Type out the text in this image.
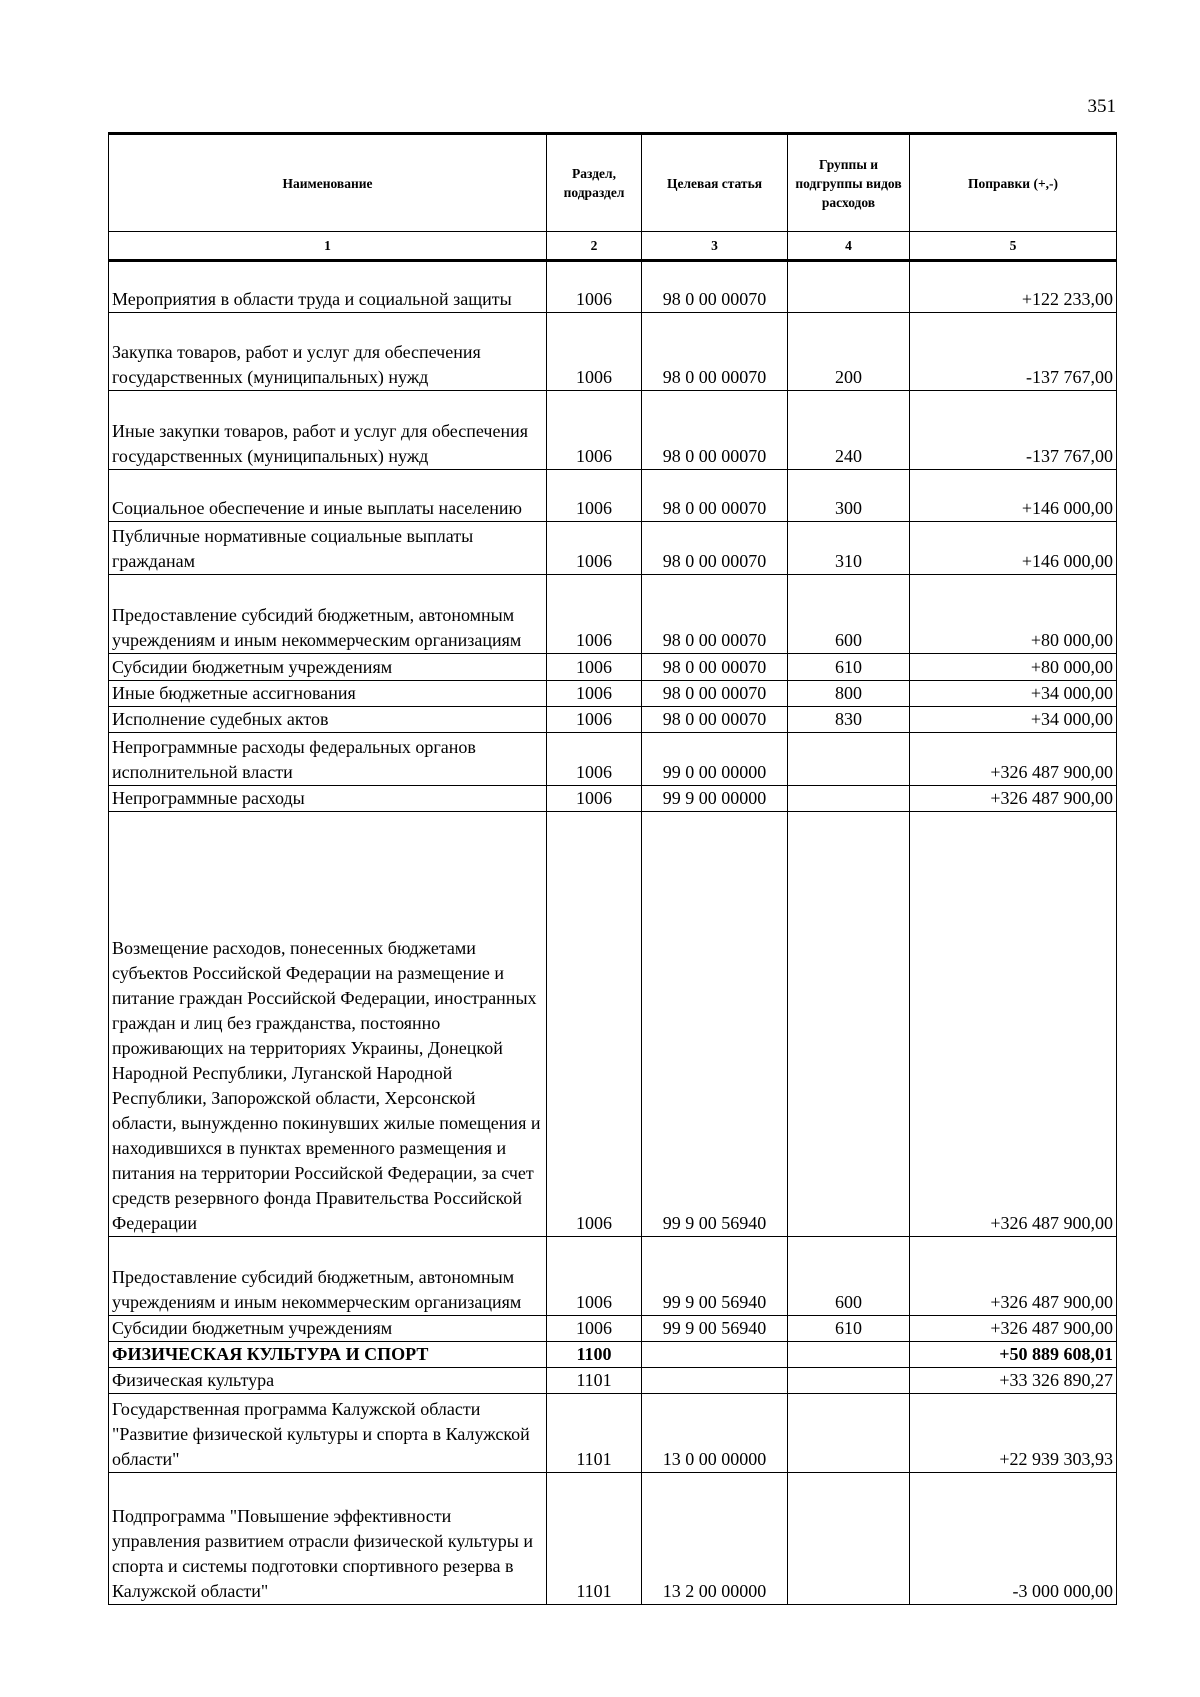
351
Наименование	Раздел, подраздел	Целевая статья	Группы и подгруппы видов расходов	Поправки (+,-)
1	2	3	4	5
Мероприятия в области труда и социальной защиты	1006	98 0 00 00070		+122 233,00
Закупка товаров, работ и услуг для обеспечения государственных (муниципальных) нужд	1006	98 0 00 00070	200	-137 767,00
Иные закупки товаров, работ и услуг для обеспечения государственных (муниципальных) нужд	1006	98 0 00 00070	240	-137 767,00
Социальное обеспечение и иные выплаты населению	1006	98 0 00 00070	300	+146 000,00
Публичные нормативные социальные выплаты гражданам	1006	98 0 00 00070	310	+146 000,00
Предоставление субсидий бюджетным, автономным учреждениям и иным некоммерческим организациям	1006	98 0 00 00070	600	+80 000,00
Субсидии бюджетным учреждениям	1006	98 0 00 00070	610	+80 000,00
Иные бюджетные ассигнования	1006	98 0 00 00070	800	+34 000,00
Исполнение судебных актов	1006	98 0 00 00070	830	+34 000,00
Непрограммные расходы федеральных органов исполнительной власти	1006	99 0 00 00000		+326 487 900,00
Непрограммные расходы	1006	99 9 00 00000		+326 487 900,00
Возмещение расходов, понесенных бюджетами субъектов Российской Федерации на размещение и питание граждан Российской Федерации, иностранных граждан и лиц без гражданства, постоянно проживающих на территориях Украины, Донецкой Народной Республики, Луганской Народной Республики, Запорожской области, Херсонской области, вынужденно покинувших жилые помещения и находившихся в пунктах временного размещения и питания на территории Российской Федерации, за счет средств резервного фонда Правительства Российской Федерации	1006	99 9 00 56940		+326 487 900,00
Предоставление субсидий бюджетным, автономным учреждениям и иным некоммерческим организациям	1006	99 9 00 56940	600	+326 487 900,00
Субсидии бюджетным учреждениям	1006	99 9 00 56940	610	+326 487 900,00
ФИЗИЧЕСКАЯ КУЛЬТУРА И СПОРТ	1100			+50 889 608,01
Физическая культура	1101			+33 326 890,27
Государственная программа Калужской области "Развитие физической культуры и спорта в Калужской области"	1101	13 0 00 00000		+22 939 303,93
Подпрограмма "Повышение эффективности управления развитием отрасли физической культуры и спорта и системы подготовки спортивного резерва в Калужской области"	1101	13 2 00 00000		-3 000 000,00
